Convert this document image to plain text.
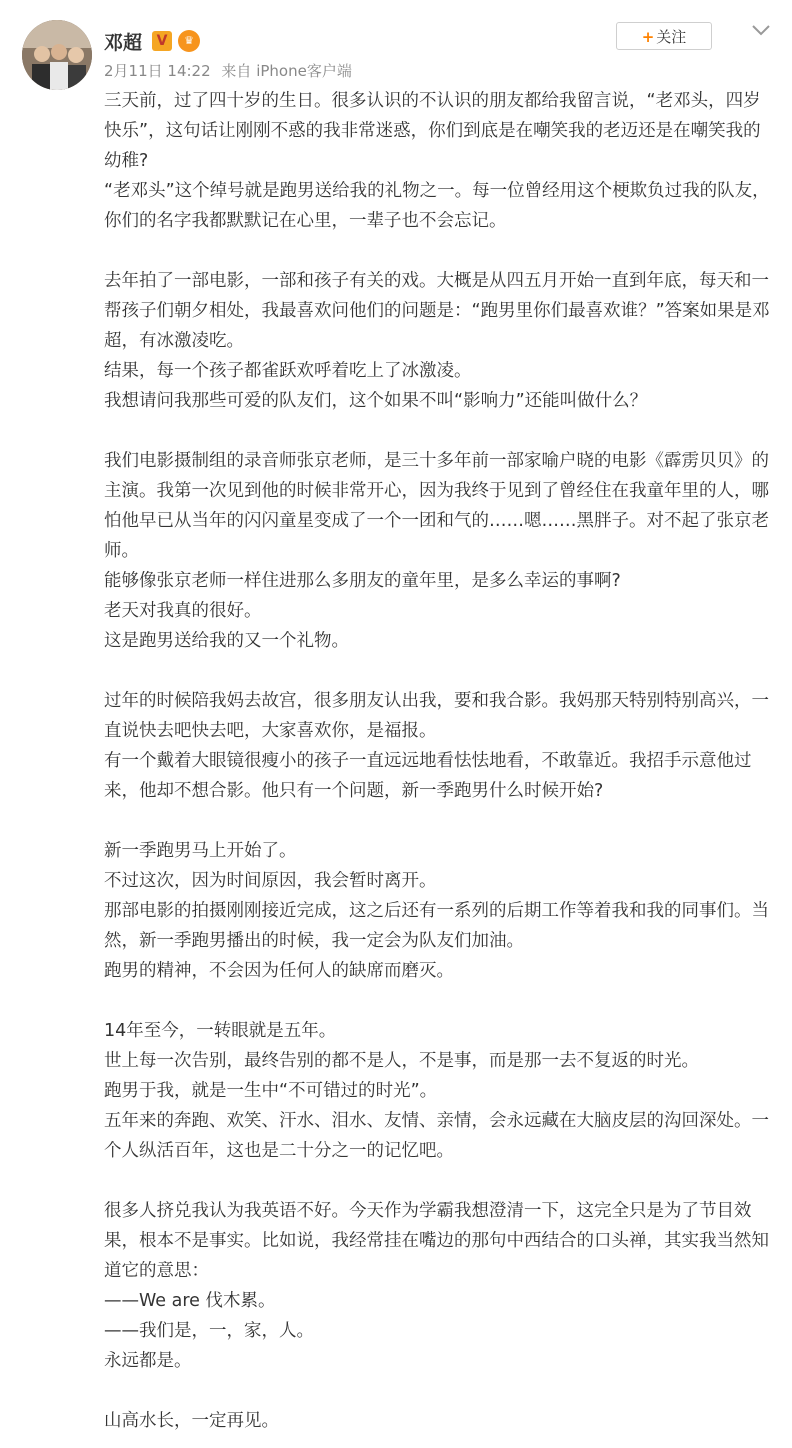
邓超	V	♛
2月11日 14:22 来自 iPhone客户端
+ 关注

三天前，过了四十岁的生日。很多认识的不认识的朋友都给我留言说，“老邓头，四岁快乐”，这句话让刚刚不惑的我非常迷惑，你们到底是在嘲笑我的老迈还是在嘲笑我的幼稚?

“老邓头”这个绰号就是跑男送给我的礼物之一。每一位曾经用这个梗欺负过我的队友，你们的名字我都默默记在心里，一辈子也不会忘记。

去年拍了一部电影，一部和孩子有关的戏。大概是从四五月开始一直到年底，每天和一帮孩子们朝夕相处，我最喜欢问他们的问题是：“跑男里你们最喜欢谁？”答案如果是邓超，有冰激凌吃。

结果，每一个孩子都雀跃欢呼着吃上了冰激凌。

我想请问我那些可爱的队友们，这个如果不叫“影响力”还能叫做什么？

我们电影摄制组的录音师张京老师，是三十多年前一部家喻户晓的电影《霹雳贝贝》的主演。我第一次见到他的时候非常开心，因为我终于见到了曾经住在我童年里的人，哪怕他早已从当年的闪闪童星变成了一个一团和气的……嗯……黑胖子。对不起了张京老师。

能够像张京老师一样住进那么多朋友的童年里，是多么幸运的事啊?

老天对我真的很好。

这是跑男送给我的又一个礼物。

过年的时候陪我妈去故宫，很多朋友认出我，要和我合影。我妈那天特别特别高兴，一直说快去吧快去吧，大家喜欢你，是福报。

有一个戴着大眼镜很瘦小的孩子一直远远地看怯怯地看，不敢靠近。我招手示意他过来，他却不想合影。他只有一个问题，新一季跑男什么时候开始?

新一季跑男马上开始了。

不过这次，因为时间原因，我会暂时离开。

那部电影的拍摄刚刚接近完成，这之后还有一系列的后期工作等着我和我的同事们。当然，新一季跑男播出的时候，我一定会为队友们加油。

跑男的精神，不会因为任何人的缺席而磨灭。

14年至今，一转眼就是五年。

世上每一次告别，最终告别的都不是人，不是事，而是那一去不复返的时光。

跑男于我，就是一生中“不可错过的时光”。

五年来的奔跑、欢笑、汗水、泪水、友情、亲情，会永远藏在大脑皮层的沟回深处。一个人纵活百年，这也是二十分之一的记忆吧。

很多人挤兑我认为我英语不好。今天作为学霸我想澄清一下，这完全只是为了节目效果，根本不是事实。比如说，我经常挂在嘴边的那句中西结合的口头禅，其实我当然知道它的意思：

——We are 伐木累。

——我们是，一，家，人。

永远都是。

山高水长，一定再见。
